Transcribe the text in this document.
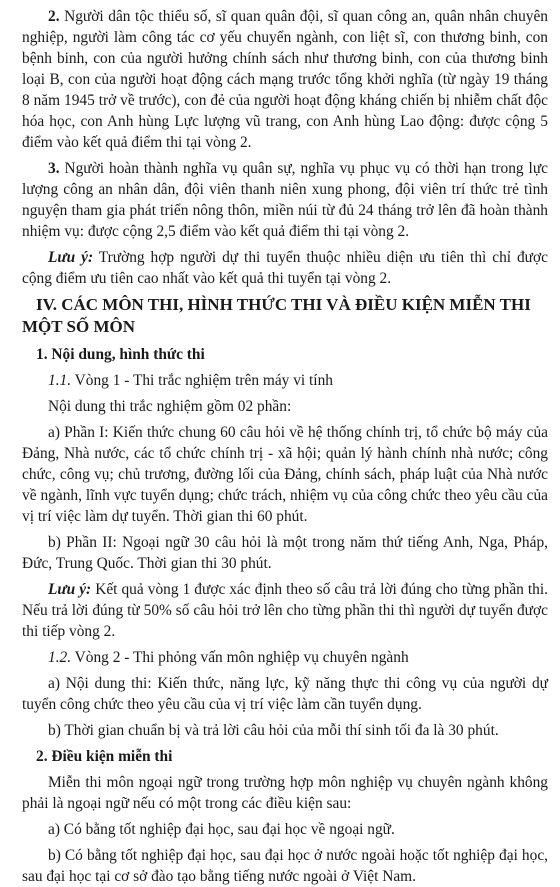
2. Người dân tộc thiểu số, sĩ quan quân đội, sĩ quan công an, quân nhân chuyên nghiệp, người làm công tác cơ yếu chuyển ngành, con liệt sĩ, con thương binh, con bệnh binh, con của người hưởng chính sách như thương binh, con của thương binh loại B, con của người hoạt động cách mạng trước tổng khởi nghĩa (từ ngày 19 tháng 8 năm 1945 trở về trước), con đẻ của người hoạt động kháng chiến bị nhiễm chất độc hóa học, con Anh hùng Lực lượng vũ trang, con Anh hùng Lao động: được cộng 5 điểm vào kết quả điểm thi tại vòng 2.

3. Người hoàn thành nghĩa vụ quân sự, nghĩa vụ phục vụ có thời hạn trong lực lượng công an nhân dân, đội viên thanh niên xung phong, đội viên trí thức trẻ tình nguyện tham gia phát triển nông thôn, miền núi từ đủ 24 tháng trở lên đã hoàn thành nhiệm vụ: được cộng 2,5 điểm vào kết quả điểm thi tại vòng 2.

Lưu ý: Trường hợp người dự thi tuyển thuộc nhiều diện ưu tiên thì chỉ được cộng điểm ưu tiên cao nhất vào kết quả thi tuyển tại vòng 2.

IV. CÁC MÔN THI, HÌNH THỨC THI VÀ ĐIỀU KIỆN MIỄN THI MỘT SỐ MÔN
1. Nội dung, hình thức thi

1.1. Vòng 1 - Thi trắc nghiệm trên máy vi tính

Nội dung thi trắc nghiệm gồm 02 phần:

a) Phần I: Kiến thức chung 60 câu hỏi về hệ thống chính trị, tổ chức bộ máy của Đảng, Nhà nước, các tổ chức chính trị - xã hội; quản lý hành chính nhà nước; công chức, công vụ; chủ trương, đường lối của Đảng, chính sách, pháp luật của Nhà nước về ngành, lĩnh vực tuyển dụng; chức trách, nhiệm vụ của công chức theo yêu cầu của vị trí việc làm dự tuyển. Thời gian thi 60 phút.

b) Phần II: Ngoại ngữ 30 câu hỏi là một trong năm thứ tiếng Anh, Nga, Pháp, Đức, Trung Quốc. Thời gian thi 30 phút.

Lưu ý: Kết quả vòng 1 được xác định theo số câu trả lời đúng cho từng phần thi. Nếu trả lời đúng từ 50% số câu hỏi trở lên cho từng phần thi thì người dự tuyển được thi tiếp vòng 2.

1.2. Vòng 2 - Thi phỏng vấn môn nghiệp vụ chuyên ngành

a) Nội dung thi: Kiến thức, năng lực, kỹ năng thực thi công vụ của người dự tuyển công chức theo yêu cầu của vị trí việc làm cần tuyển dụng.

b) Thời gian chuẩn bị và trả lời câu hỏi của mỗi thí sinh tối đa là 30 phút.

2. Điều kiện miễn thi

Miễn thi môn ngoại ngữ trong trường hợp môn nghiệp vụ chuyên ngành không phải là ngoại ngữ nếu có một trong các điều kiện sau:

a) Có bằng tốt nghiệp đại học, sau đại học về ngoại ngữ.

b) Có bằng tốt nghiệp đại học, sau đại học ở nước ngoài hoặc tốt nghiệp đại học, sau đại học tại cơ sở đào tạo bằng tiếng nước ngoài ở Việt Nam.
